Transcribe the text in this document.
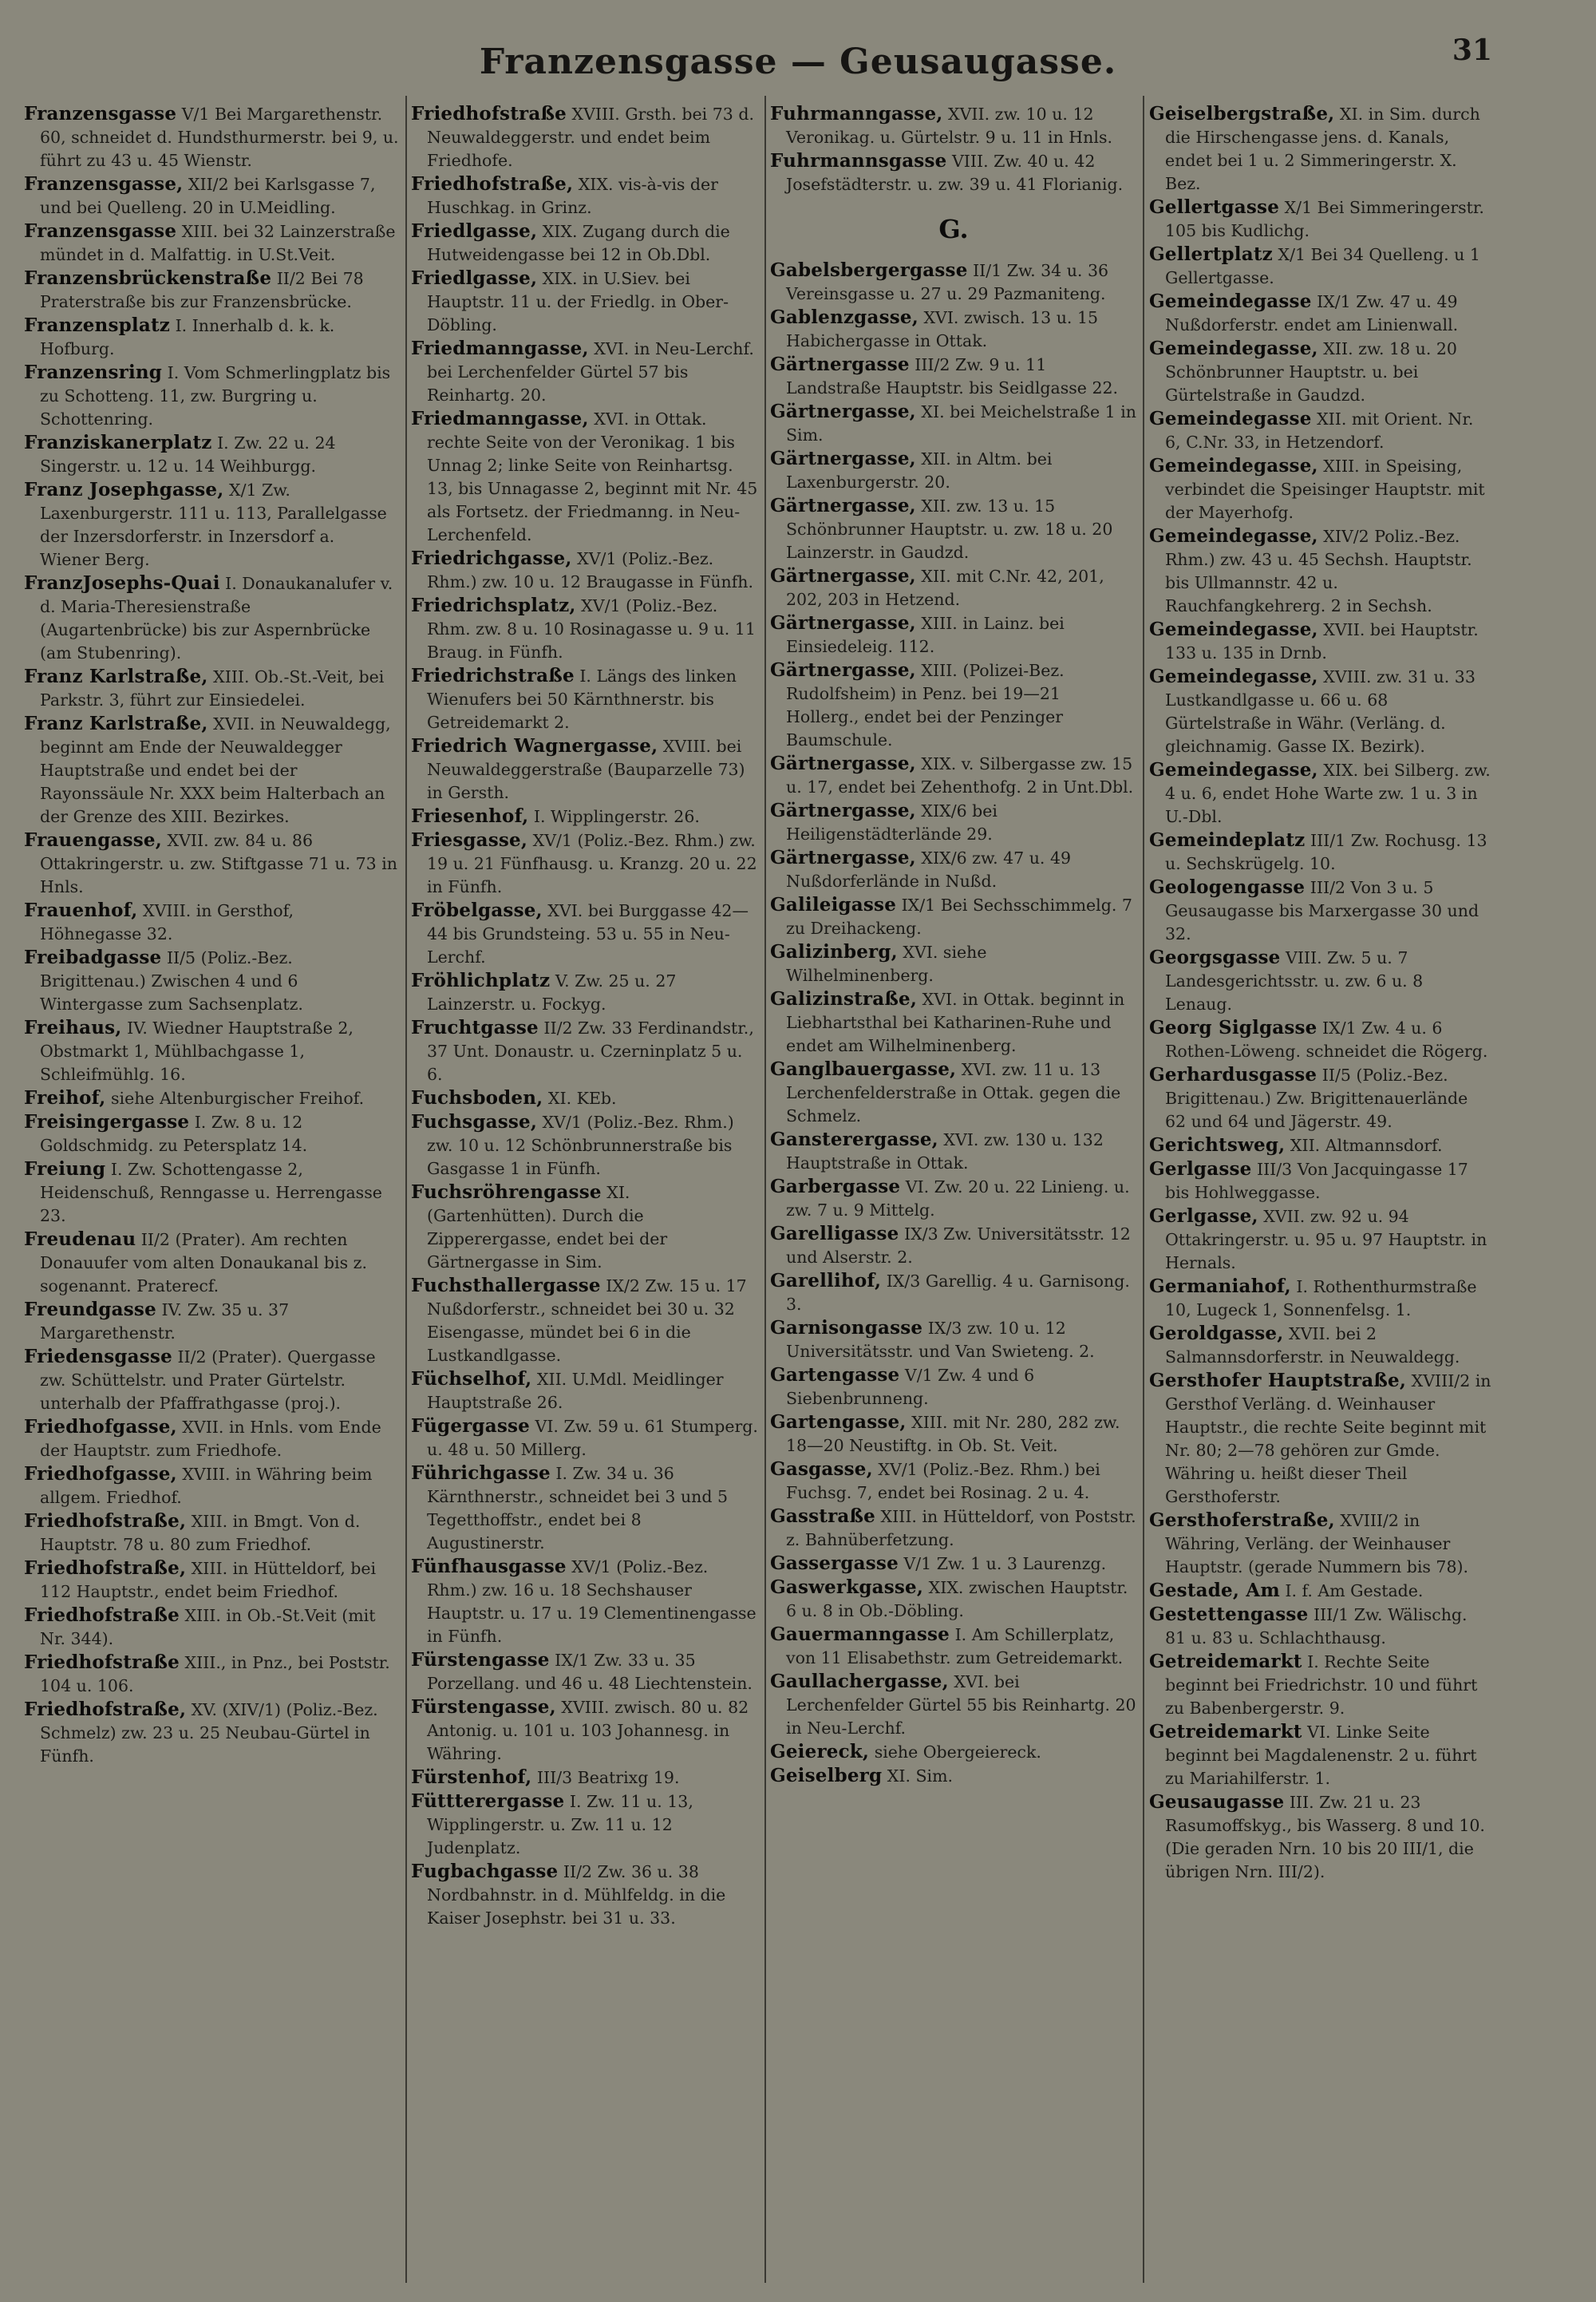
Franzensgasse — Geusaugasse.	31

Franzensgasse V/1 Bei Margarethenstr. 60, schneidet d. Hundsthurmerstr. bei 9, u. führt zu 43 u. 45 Wienstr.

Franzensgasse, XII/2 bei Karlsgasse 7, und bei Quelleng. 20 in U.Meidling.

Franzensgasse XIII. bei 32 Lainzerstraße mündet in d. Malfattig. in U.St.Veit.

Franzensbrückenstraße II/2 Bei 78 Praterstraße bis zur Franzensbrücke.

Franzensplatz I. Innerhalb d. k. k. Hofburg.

Franzensring I. Vom Schmerlingplatz bis zu Schotteng. 11, zw. Burgring u. Schottenring.

Franziskanerplatz I. Zw. 22 u. 24 Singerstr. u. 12 u. 14 Weihburgg.

Franz Josephgasse, X/1 Zw. Laxenburgerstr. 111 u. 113, Parallelgasse der Inzersdorferstr. in Inzersdorf a. Wiener Berg.

FranzJosephs-Quai I. Donaukanalufer v. d. Maria-Theresienstraße (Augartenbrücke) bis zur Aspernbrücke (am Stubenring).

Franz Karlstraße, XIII. Ob.-St.-Veit, bei Parkstr. 3, führt zur Einsiedelei.

Franz Karlstraße, XVII. in Neuwaldegg, beginnt am Ende der Neuwaldegger Hauptstraße und endet bei der Rayonssäule Nr. XXX beim Halterbach an der Grenze des XIII. Bezirkes.

Frauengasse, XVII. zw. 84 u. 86 Ottakringerstr. u. zw. Stiftgasse 71 u. 73 in Hnls.

Frauenhof, XVIII. in Gersthof, Höhnegasse 32.

Freibadgasse II/5 (Poliz.-Bez. Brigittenau.) Zwischen 4 und 6 Wintergasse zum Sachsenplatz.

Freihaus, IV. Wiedner Hauptstraße 2, Obstmarkt 1, Mühlbachgasse 1, Schleifmühlg. 16.

Freihof, siehe Altenburgischer Freihof.

Freisingergasse I. Zw. 8 u. 12 Goldschmidg. zu Petersplatz 14.

Freiung I. Zw. Schottengasse 2, Heidenschuß, Renngasse u. Herrengasse 23.

Freudenau II/2 (Prater). Am rechten Donauufer vom alten Donaukanal bis z. sogenannt. Praterecf.

Freundgasse IV. Zw. 35 u. 37 Margarethenstr.

Friedensgasse II/2 (Prater). Quergasse zw. Schüttelstr. und Prater Gürtelstr. unterhalb der Pfaffrathgasse (proj.).

Friedhofgasse, XVII. in Hnls. vom Ende der Hauptstr. zum Friedhofe.

Friedhofgasse, XVIII. in Währing beim allgem. Friedhof.

Friedhofstraße, XIII. in Bmgt. Von d. Hauptstr. 78 u. 80 zum Friedhof.

Friedhofstraße, XIII. in Hütteldorf, bei 112 Hauptstr., endet beim Friedhof.

Friedhofstraße XIII. in Ob.-St.Veit (mit Nr. 344).

Friedhofstraße XIII., in Pnz., bei Poststr. 104 u. 106.

Friedhofstraße, XV. (XIV/1) (Poliz.-Bez. Schmelz) zw. 23 u. 25 Neubau-Gürtel in Fünfh.

Friedhofstraße XVIII. Grsth. bei 73 d. Neuwaldeggerstr. und endet beim Friedhofe.

Friedhofstraße, XIX. vis-à-vis der Huschkag. in Grinz.

Friedlgasse, XIX. Zugang durch die Hutweidengasse bei 12 in Ob.Dbl.

Friedlgasse, XIX. in U.Siev. bei Hauptstr. 11 u. der Friedlg. in Ober-Döbling.

Friedmanngasse, XVI. in Neu-Lerchf. bei Lerchenfelder Gürtel 57 bis Reinhartg. 20.

Friedmanngasse, XVI. in Ottak. rechte Seite von der Veronikag. 1 bis Unnag 2; linke Seite von Reinhartsg. 13, bis Unnagasse 2, beginnt mit Nr. 45 als Fortsetz. der Friedmanng. in Neu-Lerchenfeld.

Friedrichgasse, XV/1 (Poliz.-Bez. Rhm.) zw. 10 u. 12 Braugasse in Fünfh.

Friedrichsplatz, XV/1 (Poliz.-Bez. Rhm. zw. 8 u. 10 Rosinagasse u. 9 u. 11 Braug. in Fünfh.

Friedrichstraße I. Längs des linken Wienufers bei 50 Kärnthnerstr. bis Getreidemarkt 2.

Friedrich Wagnergasse, XVIII. bei Neuwaldeggerstraße (Bauparzelle 73) in Gersth.

Friesenhof, I. Wipplingerstr. 26.

Friesgasse, XV/1 (Poliz.-Bez. Rhm.) zw. 19 u. 21 Fünfhausg. u. Kranzg. 20 u. 22 in Fünfh.

Fröbelgasse, XVI. bei Burggasse 42—44 bis Grundsteing. 53 u. 55 in Neu-Lerchf.

Fröhlichplatz V. Zw. 25 u. 27 Lainzerstr. u. Fockyg.

Fruchtgasse II/2 Zw. 33 Ferdinandstr., 37 Unt. Donaustr. u. Czerninplatz 5 u. 6.

Fuchsboden, XI. KEb.

Fuchsgasse, XV/1 (Poliz.-Bez. Rhm.) zw. 10 u. 12 Schönbrunnerstraße bis Gasgasse 1 in Fünfh.

Fuchsröhrengasse XI. (Gartenhütten). Durch die Zipperergasse, endet bei der Gärtnergasse in Sim.

Fuchsthallergasse IX/2 Zw. 15 u. 17 Nußdorferstr., schneidet bei 30 u. 32 Eisengasse, mündet bei 6 in die Lustkandlgasse.

Füchselhof, XII. U.Mdl. Meidlinger Hauptstraße 26.

Fügergasse VI. Zw. 59 u. 61 Stumperg. u. 48 u. 50 Millerg.

Führichgasse I. Zw. 34 u. 36 Kärnthnerstr., schneidet bei 3 und 5 Tegetthoffstr., endet bei 8 Augustinerstr.

Fünfhausgasse XV/1 (Poliz.-Bez. Rhm.) zw. 16 u. 18 Sechshauser Hauptstr. u. 17 u. 19 Clementinengasse in Fünfh.

Fürstengasse IX/1 Zw. 33 u. 35 Porzellang. und 46 u. 48 Liechtenstein.

Fürstengasse, XVIII. zwisch. 80 u. 82 Antonig. u. 101 u. 103 Johannesg. in Währing.

Fürstenhof, III/3 Beatrixg 19.

Füttterergasse I. Zw. 11 u. 13, Wipplingerstr. u. Zw. 11 u. 12 Judenplatz.

Fugbachgasse II/2 Zw. 36 u. 38 Nordbahnstr. in d. Mühlfeldg. in die Kaiser Josephstr. bei 31 u. 33.

Fuhrmanngasse, XVII. zw. 10 u. 12 Veronikag. u. Gürtelstr. 9 u. 11 in Hnls.

Fuhrmannsgasse VIII. Zw. 40 u. 42 Josefstädterstr. u. zw. 39 u. 41 Florianig.

G.

Gabelsbergergasse II/1 Zw. 34 u. 36 Vereinsgasse u. 27 u. 29 Pazmaniteng.

Gablenzgasse, XVI. zwisch. 13 u. 15 Habichergasse in Ottak.

Gärtnergasse III/2 Zw. 9 u. 11 Landstraße Hauptstr. bis Seidlgasse 22.

Gärtnergasse, XI. bei Meichelstraße 1 in Sim.

Gärtnergasse, XII. in Altm. bei Laxenburgerstr. 20.

Gärtnergasse, XII. zw. 13 u. 15 Schönbrunner Hauptstr. u. zw. 18 u. 20 Lainzerstr. in Gaudzd.

Gärtnergasse, XII. mit C.Nr. 42, 201, 202, 203 in Hetzend.

Gärtnergasse, XIII. in Lainz. bei Einsiedeleig. 112.

Gärtnergasse, XIII. (Polizei-Bez. Rudolfsheim) in Penz. bei 19—21 Hollerg., endet bei der Penzinger Baumschule.

Gärtnergasse, XIX. v. Silbergasse zw. 15 u. 17, endet bei Zehenthofg. 2 in Unt.Dbl.

Gärtnergasse, XIX/6 bei Heiligenstädterlände 29.

Gärtnergasse, XIX/6 zw. 47 u. 49 Nußdorferlände in Nußd.

Galileigasse IX/1 Bei Sechsschimmelg. 7 zu Dreihackeng.

Galizinberg, XVI. siehe Wilhelminenberg.

Galizinstraße, XVI. in Ottak. beginnt in Liebhartsthal bei Katharinen-Ruhe und endet am Wilhelminenberg.

Ganglbauergasse, XVI. zw. 11 u. 13 Lerchenfelderstraße in Ottak. gegen die Schmelz.

Gansterergasse, XVI. zw. 130 u. 132 Hauptstraße in Ottak.

Garbergasse VI. Zw. 20 u. 22 Linieng. u. zw. 7 u. 9 Mittelg.

Garelligasse IX/3 Zw. Universitätsstr. 12 und Alserstr. 2.

Garellihof, IX/3 Garellig. 4 u. Garnisong. 3.

Garnisongasse IX/3 zw. 10 u. 12 Universitätsstr. und Van Swieteng. 2.

Gartengasse V/1 Zw. 4 und 6 Siebenbrunneng.

Gartengasse, XIII. mit Nr. 280, 282 zw. 18—20 Neustiftg. in Ob. St. Veit.

Gasgasse, XV/1 (Poliz.-Bez. Rhm.) bei Fuchsg. 7, endet bei Rosinag. 2 u. 4.

Gasstraße XIII. in Hütteldorf, von Poststr. z. Bahnüberfetzung.

Gassergasse V/1 Zw. 1 u. 3 Laurenzg.

Gaswerkgasse, XIX. zwischen Hauptstr. 6 u. 8 in Ob.-Döbling.

Gauermanngasse I. Am Schillerplatz, von 11 Elisabethstr. zum Getreidemarkt.

Gaullachergasse, XVI. bei Lerchenfelder Gürtel 55 bis Reinhartg. 20 in Neu-Lerchf.

Geiereck, siehe Obergeiereck.

Geiselberg XI. Sim.

Geiselbergstraße, XI. in Sim. durch die Hirschengasse jens. d. Kanals, endet bei 1 u. 2 Simmeringerstr. X. Bez.

Gellertgasse X/1 Bei Simmeringerstr. 105 bis Kudlichg.

Gellertplatz X/1 Bei 34 Quelleng. u 1 Gellertgasse.

Gemeindegasse IX/1 Zw. 47 u. 49 Nußdorferstr. endet am Linienwall.

Gemeindegasse, XII. zw. 18 u. 20 Schönbrunner Hauptstr. u. bei Gürtelstraße in Gaudzd.

Gemeindegasse XII. mit Orient. Nr. 6, C.Nr. 33, in Hetzendorf.

Gemeindegasse, XIII. in Speising, verbindet die Speisinger Hauptstr. mit der Mayerhofg.

Gemeindegasse, XIV/2 Poliz.-Bez. Rhm.) zw. 43 u. 45 Sechsh. Hauptstr. bis Ullmannstr. 42 u. Rauchfangkehrerg. 2 in Sechsh.

Gemeindegasse, XVII. bei Hauptstr. 133 u. 135 in Drnb.

Gemeindegasse, XVIII. zw. 31 u. 33 Lustkandlgasse u. 66 u. 68 Gürtelstraße in Währ. (Verläng. d. gleichnamig. Gasse IX. Bezirk).

Gemeindegasse, XIX. bei Silberg. zw. 4 u. 6, endet Hohe Warte zw. 1 u. 3 in U.-Dbl.

Gemeindeplatz III/1 Zw. Rochusg. 13 u. Sechskrügelg. 10.

Geologengasse III/2 Von 3 u. 5 Geusaugasse bis Marxergasse 30 und 32.

Georgsgasse VIII. Zw. 5 u. 7 Landesgerichtsstr. u. zw. 6 u. 8 Lenaug.

Georg Siglgasse IX/1 Zw. 4 u. 6 Rothen-Löweng. schneidet die Rögerg.

Gerhardusgasse II/5 (Poliz.-Bez. Brigittenau.) Zw. Brigittenauerlände 62 und 64 und Jägerstr. 49.

Gerichtsweg, XII. Altmannsdorf.

Gerlgasse III/3 Von Jacquingasse 17 bis Hohlweggasse.

Gerlgasse, XVII. zw. 92 u. 94 Ottakringerstr. u. 95 u. 97 Hauptstr. in Hernals.

Germaniahof, I. Rothenthurmstraße 10, Lugeck 1, Sonnenfelsg. 1.

Geroldgasse, XVII. bei 2 Salmannsdorferstr. in Neuwaldegg.

Gersthofer Hauptstraße, XVIII/2 in Gersthof Verläng. d. Weinhauser Hauptstr., die rechte Seite beginnt mit Nr. 80; 2—78 gehören zur Gmde. Währing u. heißt dieser Theil Gersthoferstr.

Gersthoferstraße, XVIII/2 in Währing, Verläng. der Weinhauser Hauptstr. (gerade Nummern bis 78).

Gestade, Am I. f. Am Gestade.

Gestettengasse III/1 Zw. Wälischg. 81 u. 83 u. Schlachthausg.

Getreidemarkt I. Rechte Seite beginnt bei Friedrichstr. 10 und führt zu Babenbergerstr. 9.

Getreidemarkt VI. Linke Seite beginnt bei Magdalenenstr. 2 u. führt zu Mariahilferstr. 1.

Geusaugasse III. Zw. 21 u. 23 Rasumoffskyg., bis Wasserg. 8 und 10. (Die geraden Nrn. 10 bis 20 III/1, die übrigen Nrn. III/2).
